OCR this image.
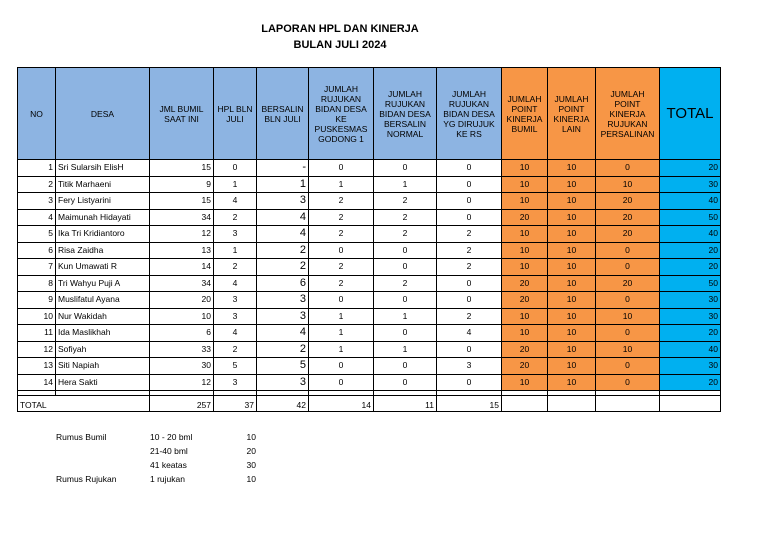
LAPORAN HPL DAN KINERJA
BULAN JULI 2024
NO	DESA	JML BUMIL SAAT INI	HPL BLN JULI	BERSALIN BLN JULI	JUMLAH RUJUKAN BIDAN DESA KE PUSKESMAS GODONG 1	JUMLAH RUJUKAN BIDAN DESA BERSALIN NORMAL	JUMLAH RUJUKAN BIDAN DESA YG DIRUJUK KE RS	JUMLAH POINT KINERJA BUMIL	JUMLAH POINT KINERJA LAIN	JUMLAH POINT KINERJA RUJUKAN PERSALINAN	TOTAL
1	Sri Sularsih ElisH	15	0	-	0	0	0	10	10	0	20
2	Titik Marhaeni	9	1	1	1	1	0	10	10	10	30
3	Fery Listyarini	15	4	3	2	2	0	10	10	20	40
4	Maimunah Hidayati	34	2	4	2	2	0	20	10	20	50
5	Ika Tri Kridiantoro	12	3	4	2	2	2	10	10	20	40
6	Risa Zaidha	13	1	2	0	0	2	10	10	0	20
7	Kun Umawati R	14	2	2	2	0	2	10	10	0	20
8	Tri Wahyu Puji A	34	4	6	2	2	0	20	10	20	50
9	Muslifatul Ayana	20	3	3	0	0	0	20	10	0	30
10	Nur Wakidah	10	3	3	1	1	2	10	10	10	30
11	Ida Maslikhah	6	4	4	1	0	4	10	10	0	20
12	Sofiyah	33	2	2	1	1	0	20	10	10	40
13	Siti Napiah	30	5	5	0	0	3	20	10	0	30
14	Hera Sakti	12	3	3	0	0	0	10	10	0	20

TOTAL		257	37	42	14	11	15				
Rumus Bumil	10 - 20 bml	10
21-40 bml	20
41 keatas	30
Rumus Rujukan	1 rujukan	10
